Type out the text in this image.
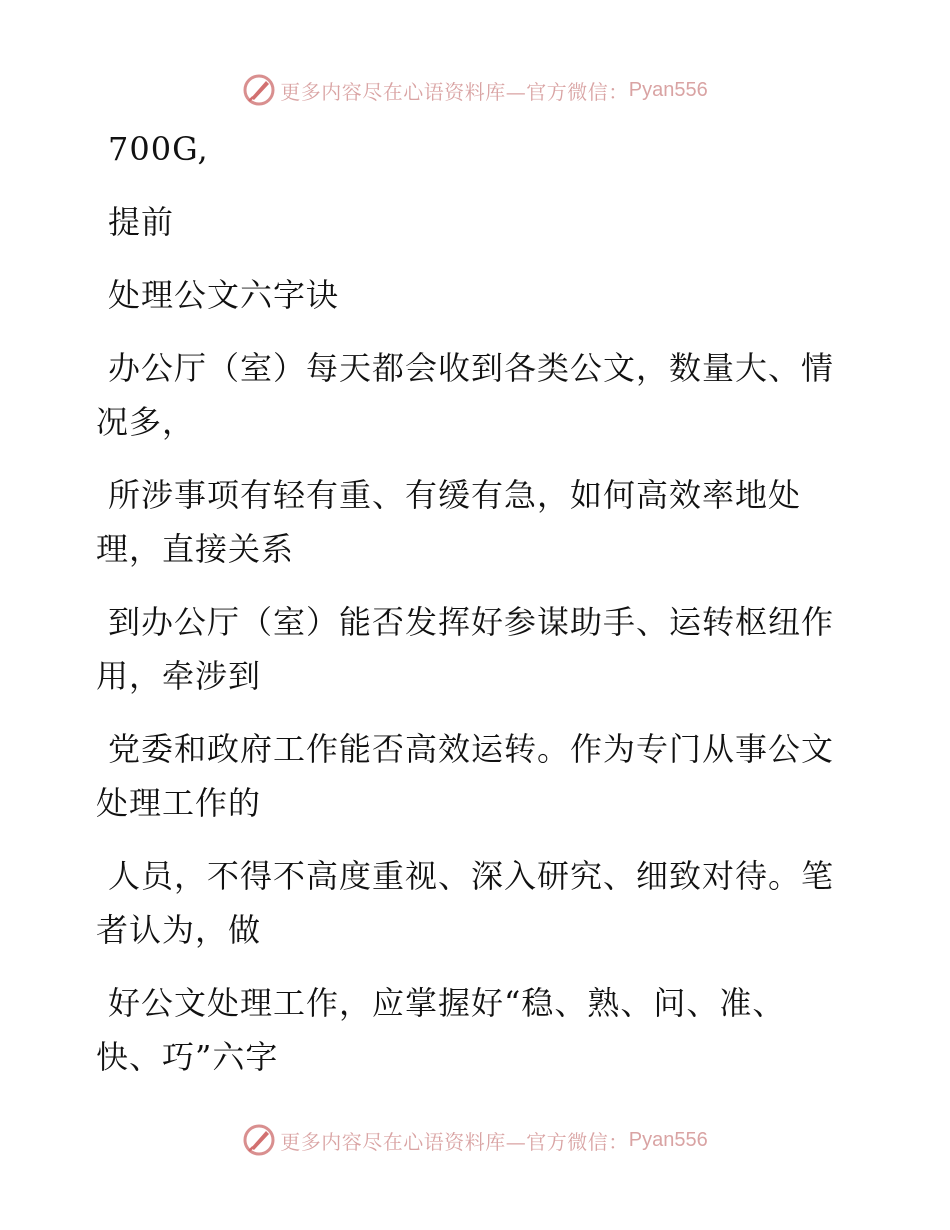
更多内容尽在心语资料库—官方微信： Pyan556

700G,

提前

处理公文六字诀

办公厅（室）每天都会收到各类公文，数量大、情况多，

所涉事项有轻有重、有缓有急，如何高效率地处理，直接关系

到办公厅（室）能否发挥好参谋助手、运转枢纽作用，牵涉到

党委和政府工作能否高效运转。作为专门从事公文处理工作的

人员，不得不高度重视、深入研究、细致对待。笔者认为，做

好公文处理工作，应掌握好“稳、熟、问、准、快、巧”六字

更多内容尽在心语资料库—官方微信： Pyan556
